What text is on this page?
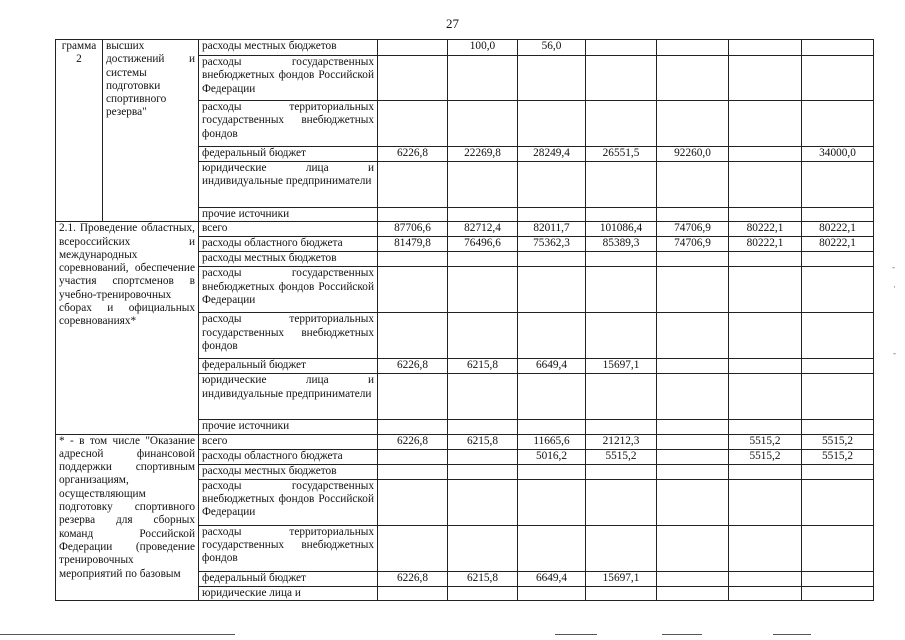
27
грамма 2	высших достижений и системы подготовки спортивного резерва"	расходы местных бюджетов		100,0	56,0				
		расходы государственных внебюджетных фондов Российской Федерации							
		расходы территориальных государственных внебюджетных фондов							
		федеральный бюджет	6226,8	22269,8	28249,4	26551,5	92260,0		34000,0
		юридические лица и индивидуальные предприниматели							
		прочие источники							
2.1. Проведение областных, всероссийских и международных соревнований, обеспечение участия спортсменов в учебно-тренировочных сборах и официальных соревнованиях*		всего	87706,6	82712,4	82011,7	101086,4	74706,9	80222,1	80222,1
		расходы областного бюджета	81479,8	76496,6	75362,3	85389,3	74706,9	80222,1	80222,1
		расходы местных бюджетов							
		расходы государственных внебюджетных фондов Российской Федерации							
		расходы территориальных государственных внебюджетных фондов							
		федеральный бюджет	6226,8	6215,8	6649,4	15697,1			
		юридические лица и индивидуальные предприниматели							
		прочие источники							
* - в том числе "Оказание адресной финансовой поддержки спортивным организациям, осуществляющим подготовку спортивного резерва для сборных команд Российской Федерации (проведение тренировочных мероприятий по базовым		всего	6226,8	6215,8	11665,6	21212,3		5515,2	5515,2
		расходы областного бюджета			5016,2	5515,2		5515,2	5515,2
		расходы местных бюджетов							
		расходы государственных внебюджетных фондов Российской Федерации							
		расходы территориальных государственных внебюджетных фондов							
		федеральный бюджет	6226,8	6215,8	6649,4	15697,1			
		юридические лица и							
-
·
-
